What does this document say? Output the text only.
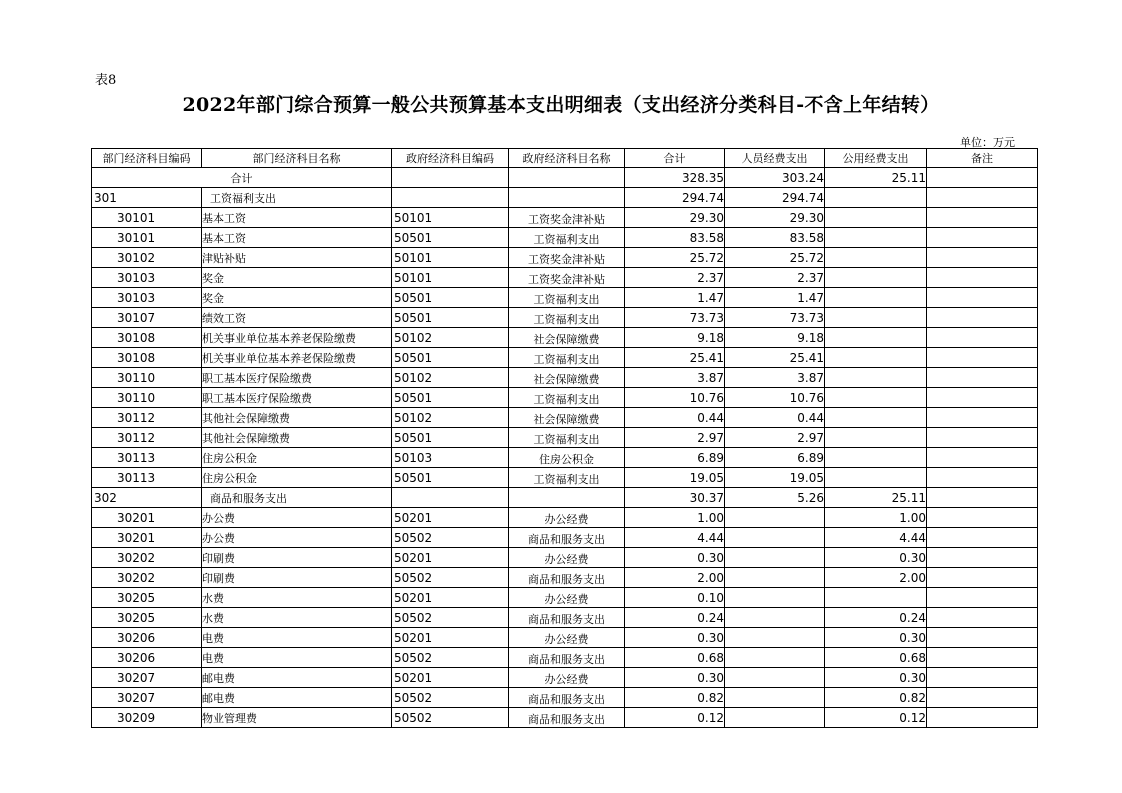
表8
2022年部门综合预算一般公共预算基本支出明细表（支出经济分类科目-不含上年结转）
单位：万元
部门经济科目编码	部门经济科目名称	政府经济科目编码	政府经济科目名称	合计	人员经费支出	公用经费支出	备注
合计				328.35	303.24	25.11	
301	工资福利支出			294.74	294.74		
30101	基本工资	50101	工资奖金津补贴	29.30	29.30		
30101	基本工资	50501	工资福利支出	83.58	83.58		
30102	津贴补贴	50101	工资奖金津补贴	25.72	25.72		
30103	奖金	50101	工资奖金津补贴	2.37	2.37		
30103	奖金	50501	工资福利支出	1.47	1.47		
30107	绩效工资	50501	工资福利支出	73.73	73.73		
30108	机关事业单位基本养老保险缴费	50102	社会保障缴费	9.18	9.18		
30108	机关事业单位基本养老保险缴费	50501	工资福利支出	25.41	25.41		
30110	职工基本医疗保险缴费	50102	社会保障缴费	3.87	3.87		
30110	职工基本医疗保险缴费	50501	工资福利支出	10.76	10.76		
30112	其他社会保障缴费	50102	社会保障缴费	0.44	0.44		
30112	其他社会保障缴费	50501	工资福利支出	2.97	2.97		
30113	住房公积金	50103	住房公积金	6.89	6.89		
30113	住房公积金	50501	工资福利支出	19.05	19.05		
302	商品和服务支出			30.37	5.26	25.11	
30201	办公费	50201	办公经费	1.00		1.00	
30201	办公费	50502	商品和服务支出	4.44		4.44	
30202	印刷费	50201	办公经费	0.30		0.30	
30202	印刷费	50502	商品和服务支出	2.00		2.00	
30205	水费	50201	办公经费	0.10			
30205	水费	50502	商品和服务支出	0.24		0.24	
30206	电费	50201	办公经费	0.30		0.30	
30206	电费	50502	商品和服务支出	0.68		0.68	
30207	邮电费	50201	办公经费	0.30		0.30	
30207	邮电费	50502	商品和服务支出	0.82		0.82	
30209	物业管理费	50502	商品和服务支出	0.12		0.12	
